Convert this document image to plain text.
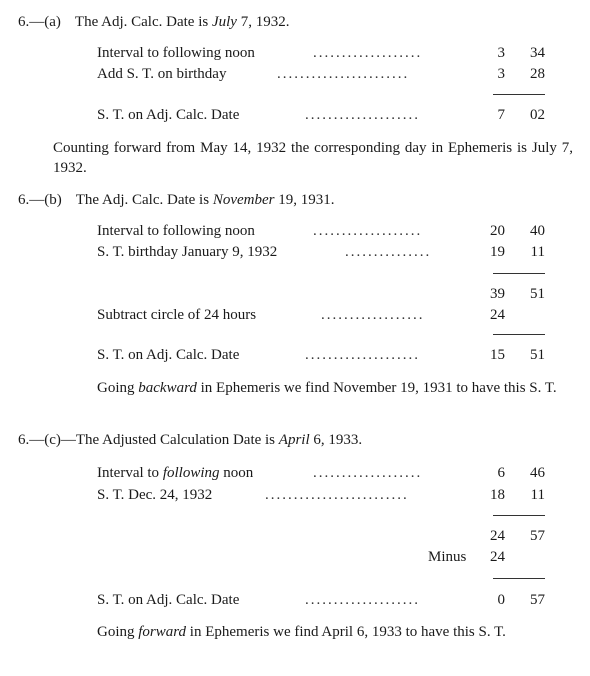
6.—(a) The Adj. Calc. Date is July 7, 1932.
Interval to following noon	...................	3	34
Add S. T. on birthday	.......................	3	28
S. T. on Adj. Calc. Date	....................	7	02
Counting forward from May 14, 1932 the corresponding day in Ephemeris is July 7, 1932.
6.—(b) The Adj. Calc. Date is November 19, 1931.
Interval to following noon	...................	20	40
S. T. birthday January 9, 1932	...............	19	11
39	51
Subtract circle of 24 hours	..................	24
S. T. on Adj. Calc. Date	....................	15	51
Going backward in Ephemeris we find November 19, 1931 to have this S. T.
6.—(c)—The Adjusted Calculation Date is April 6, 1933.
Interval to following noon	...................	6	46
S. T. Dec. 24, 1932	.........................	18	11
24	57
Minus	24
S. T. on Adj. Calc. Date	....................	0	57
Going forward in Ephemeris we find April 6, 1933 to have this S. T.
